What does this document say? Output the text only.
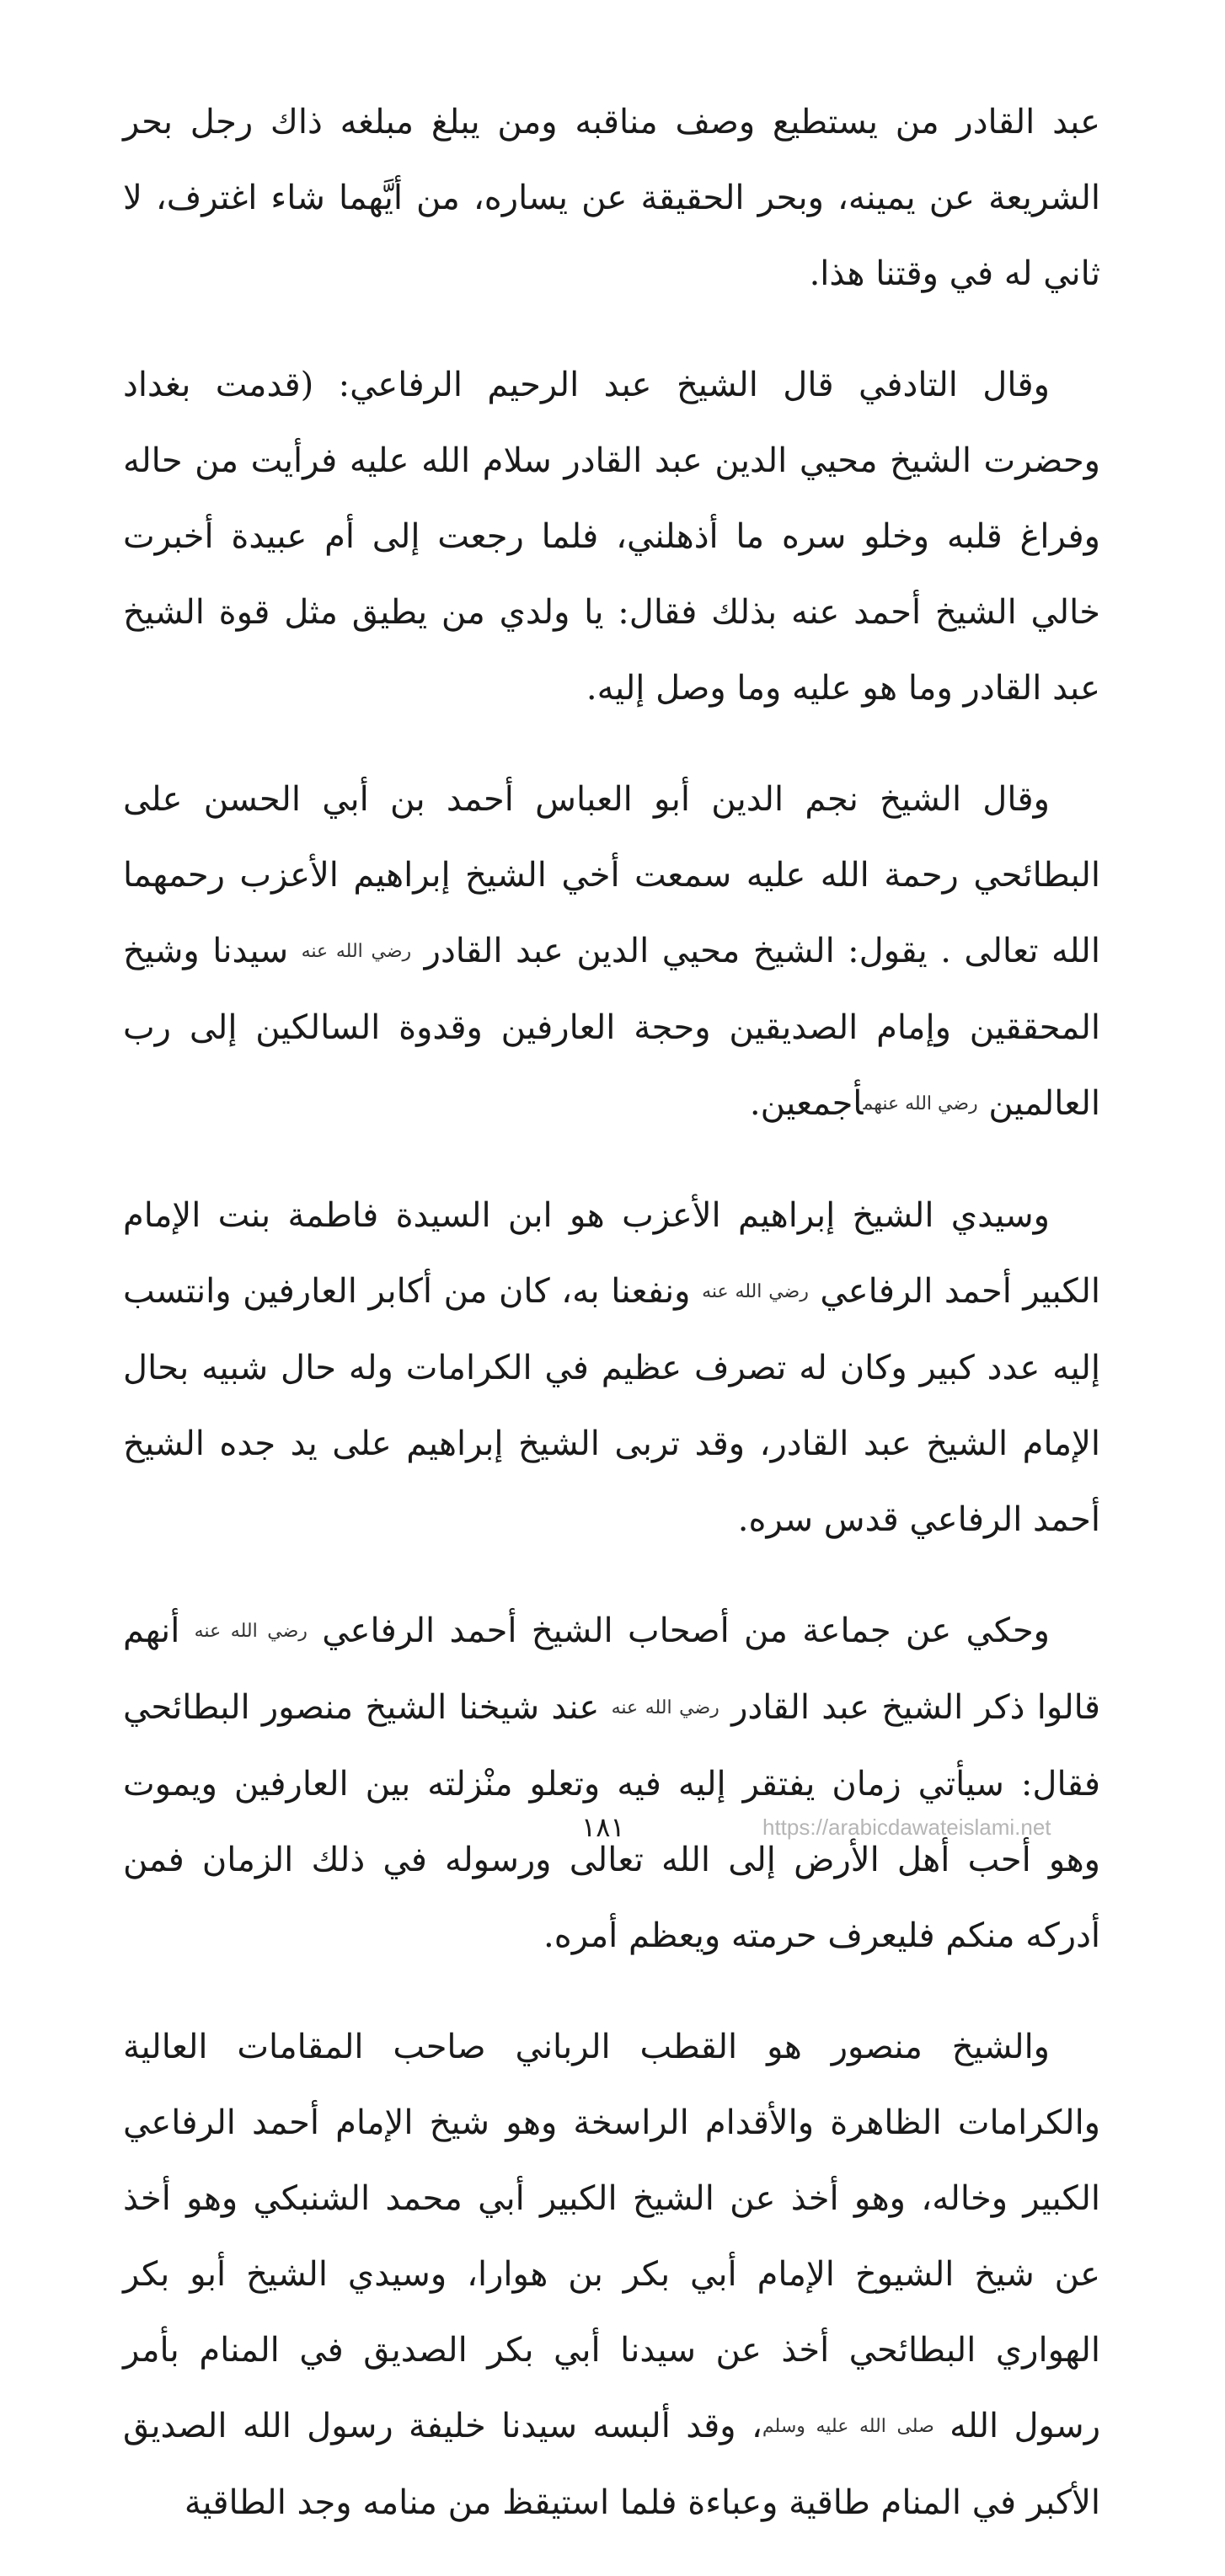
عبد القادر من يستطيع وصف مناقبه ومن يبلغ مبلغه ذاك رجل بحر الشريعة عن يمينه، وبحر الحقيقة عن يساره، من أيَّهما شاء اغترف، لا ثاني له في وقتنا هذا.

وقال التادفي قال الشيخ عبد الرحيم الرفاعي: (قدمت بغداد وحضرت الشيخ محيي الدين عبد القادر سلام الله عليه فرأيت من حاله وفراغ قلبه وخلو سره ما أذهلني، فلما رجعت إلى أم عبيدة أخبرت خالي الشيخ أحمد عنه بذلك فقال: يا ولدي من يطيق مثل قوة الشيخ عبد القادر وما هو عليه وما وصل إليه.

وقال الشيخ نجم الدين أبو العباس أحمد بن أبي الحسن على البطائحي رحمة الله عليه سمعت أخي الشيخ إبراهيم الأعزب رحمهما الله تعالى . يقول: الشيخ محيي الدين عبد القادر رضي الله عنه سيدنا وشيخ المحققين وإمام الصديقين وحجة العارفين وقدوة السالكين إلى رب العالمين رضي الله عنهمأجمعين.

وسيدي الشيخ إبراهيم الأعزب هو ابن السيدة فاطمة بنت الإمام الكبير أحمد الرفاعي رضي الله عنه ونفعنا به، كان من أكابر العارفين وانتسب إليه عدد كبير وكان له تصرف عظيم في الكرامات وله حال شبيه بحال الإمام الشيخ عبد القادر، وقد تربى الشيخ إبراهيم على يد جده الشيخ أحمد الرفاعي قدس سره.

وحكي عن جماعة من أصحاب الشيخ أحمد الرفاعي رضي الله عنه أنهم قالوا ذكر الشيخ عبد القادر رضي الله عنه عند شيخنا الشيخ منصور البطائحي فقال: سيأتي زمان يفتقر إليه فيه وتعلو منْزلته بين العارفين ويموت وهو أحب أهل الأرض إلى الله تعالى ورسوله في ذلك الزمان فمن أدركه منكم فليعرف حرمته ويعظم أمره.

والشيخ منصور هو القطب الرباني صاحب المقامات العالية والكرامات الظاهرة والأقدام الراسخة وهو شيخ الإمام أحمد الرفاعي الكبير وخاله، وهو أخذ عن الشيخ الكبير أبي محمد الشنبكي وهو أخذ عن شيخ الشيوخ الإمام أبي بكر بن هوارا، وسيدي الشيخ أبو بكر الهواري البطائحي أخذ عن سيدنا أبي بكر الصديق في المنام بأمر رسول الله صلى الله عليه وسلم، وقد ألبسه سيدنا خليفة رسول الله الصديق الأكبر في المنام طاقية وعباءة فلما استيقظ من منامه وجد الطاقية

١٨١	https://arabicdawateislami.net
